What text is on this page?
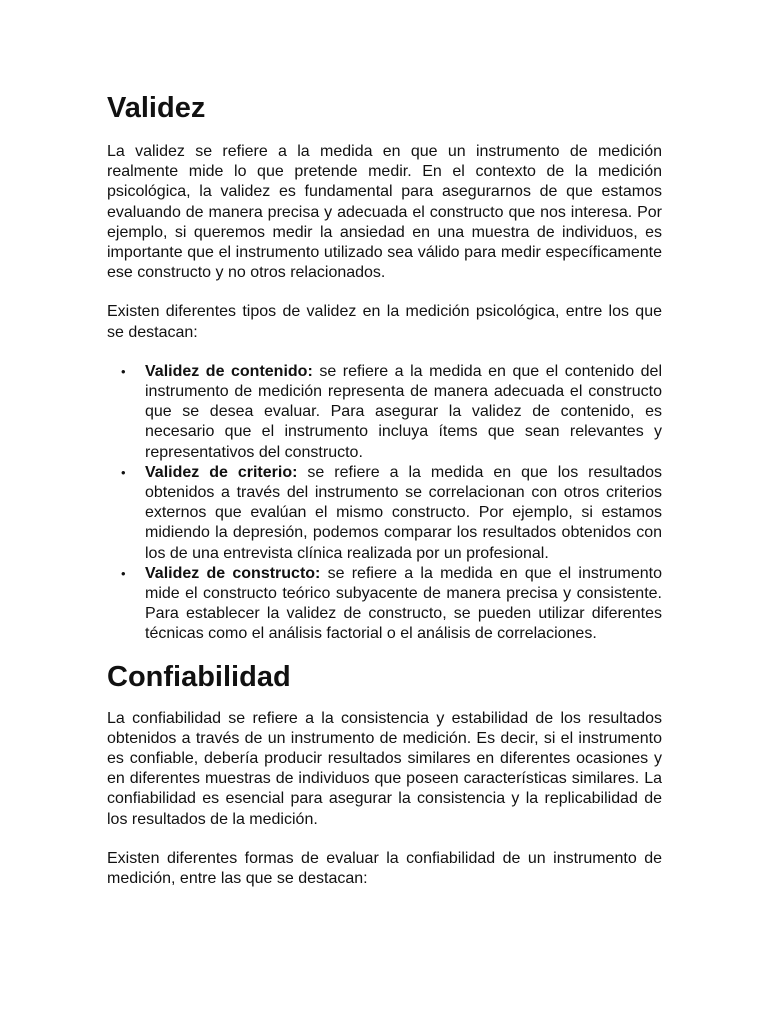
Validez

La validez se refiere a la medida en que un instrumento de medición realmente mide lo que pretende medir. En el contexto de la medición psicológica, la validez es fundamental para asegurarnos de que estamos evaluando de manera precisa y adecuada el constructo que nos interesa. Por ejemplo, si queremos medir la ansiedad en una muestra de individuos, es importante que el instrumento utilizado sea válido para medir específicamente ese constructo y no otros relacionados.

Existen diferentes tipos de validez en la medición psicológica, entre los que se destacan:

• Validez de contenido: se refiere a la medida en que el contenido del instrumento de medición representa de manera adecuada el constructo que se desea evaluar. Para asegurar la validez de contenido, es necesario que el instrumento incluya ítems que sean relevantes y representativos del constructo.
• Validez de criterio: se refiere a la medida en que los resultados obtenidos a través del instrumento se correlacionan con otros criterios externos que evalúan el mismo constructo. Por ejemplo, si estamos midiendo la depresión, podemos comparar los resultados obtenidos con los de una entrevista clínica realizada por un profesional.
• Validez de constructo: se refiere a la medida en que el instrumento mide el constructo teórico subyacente de manera precisa y consistente. Para establecer la validez de constructo, se pueden utilizar diferentes técnicas como el análisis factorial o el análisis de correlaciones.
Confiabilidad

La confiabilidad se refiere a la consistencia y estabilidad de los resultados obtenidos a través de un instrumento de medición. Es decir, si el instrumento es confiable, debería producir resultados similares en diferentes ocasiones y en diferentes muestras de individuos que poseen características similares. La confiabilidad es esencial para asegurar la consistencia y la replicabilidad de los resultados de la medición.

Existen diferentes formas de evaluar la confiabilidad de un instrumento de medición, entre las que se destacan:
